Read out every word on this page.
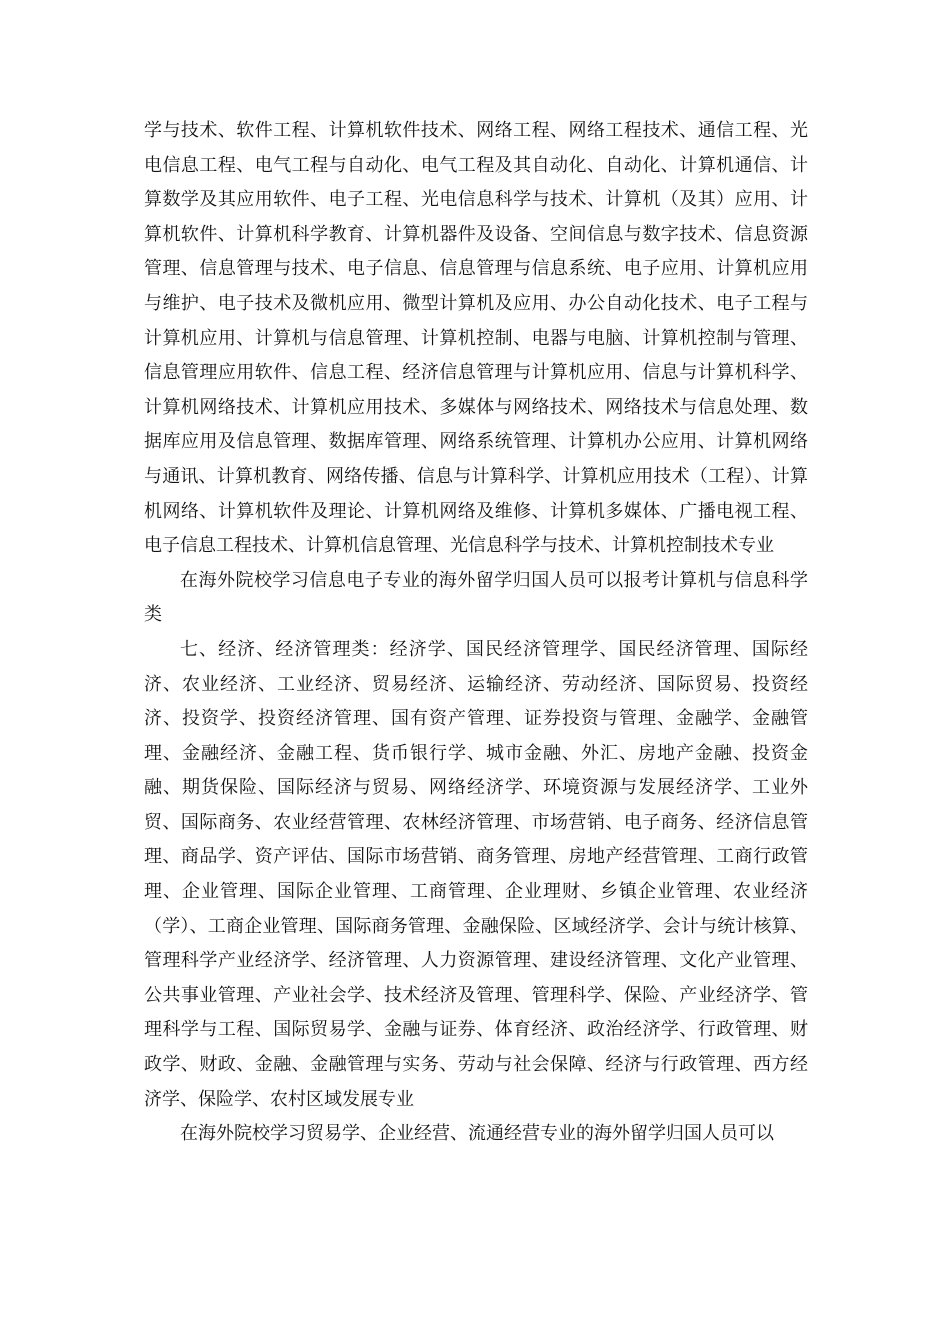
学与技术、软件工程、计算机软件技术、网络工程、网络工程技术、通信工程、光电信息工程、电气工程与自动化、电气工程及其自动化、自动化、计算机通信、计算数学及其应用软件、电子工程、光电信息科学与技术、计算机（及其）应用、计算机软件、计算机科学教育、计算机器件及设备、空间信息与数字技术、信息资源管理、信息管理与技术、电子信息、信息管理与信息系统、电子应用、计算机应用与维护、电子技术及微机应用、微型计算机及应用、办公自动化技术、电子工程与计算机应用、计算机与信息管理、计算机控制、电器与电脑、计算机控制与管理、信息管理应用软件、信息工程、经济信息管理与计算机应用、信息与计算机科学、计算机网络技术、计算机应用技术、多媒体与网络技术、网络技术与信息处理、数据库应用及信息管理、数据库管理、网络系统管理、计算机办公应用、计算机网络与通讯、计算机教育、网络传播、信息与计算科学、计算机应用技术（工程）、计算机网络、计算机软件及理论、计算机网络及维修、计算机多媒体、广播电视工程、电子信息工程技术、计算机信息管理、光信息科学与技术、计算机控制技术专业

在海外院校学习信息电子专业的海外留学归国人员可以报考计算机与信息科学类

七、经济、经济管理类：经济学、国民经济管理学、国民经济管理、国际经济、农业经济、工业经济、贸易经济、运输经济、劳动经济、国际贸易、投资经济、投资学、投资经济管理、国有资产管理、证券投资与管理、金融学、金融管理、金融经济、金融工程、货币银行学、城市金融、外汇、房地产金融、投资金融、期货保险、国际经济与贸易、网络经济学、环境资源与发展经济学、工业外贸、国际商务、农业经营管理、农林经济管理、市场营销、电子商务、经济信息管理、商品学、资产评估、国际市场营销、商务管理、房地产经营管理、工商行政管理、企业管理、国际企业管理、工商管理、企业理财、乡镇企业管理、农业经济（学）、工商企业管理、国际商务管理、金融保险、区域经济学、会计与统计核算、管理科学产业经济学、经济管理、人力资源管理、建设经济管理、文化产业管理、公共事业管理、产业社会学、技术经济及管理、管理科学、保险、产业经济学、管理科学与工程、国际贸易学、金融与证券、体育经济、政治经济学、行政管理、财政学、财政、金融、金融管理与实务、劳动与社会保障、经济与行政管理、西方经济学、保险学、农村区域发展专业

在海外院校学习贸易学、企业经营、流通经营专业的海外留学归国人员可以
